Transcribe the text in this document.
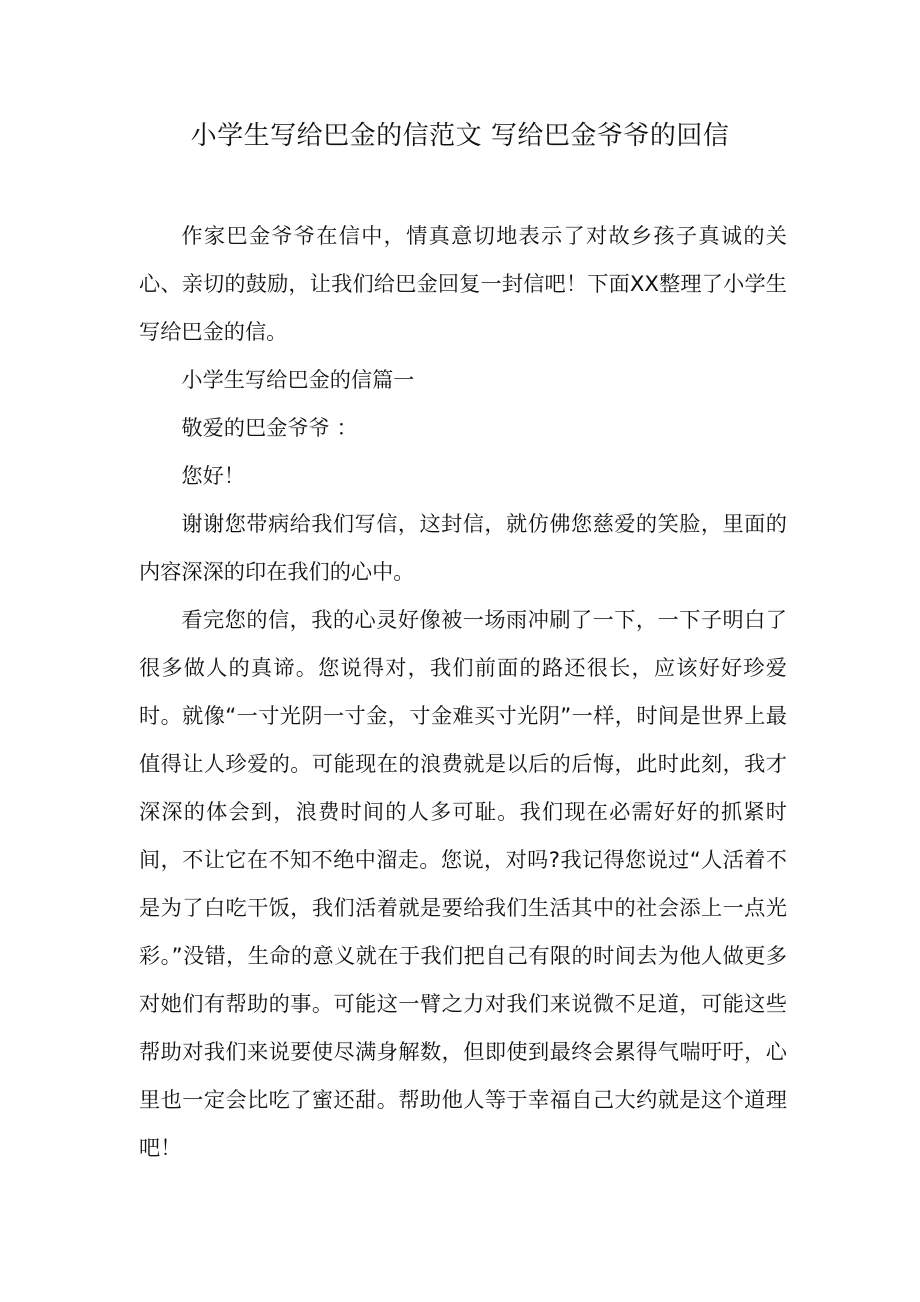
小学生写给巴金的信范文 写给巴金爷爷的回信

作家巴金爷爷在信中，情真意切地表示了对故乡孩子真诚的关心、亲切的鼓励，让我们给巴金回复一封信吧！下面XX整理了小学生写给巴金的信。

小学生写给巴金的信篇一

敬爱的巴金爷爷 ：

您好！

谢谢您带病给我们写信，这封信，就仿佛您慈爱的笑脸，里面的内容深深的印在我们的心中。

看完您的信，我的心灵好像被一场雨冲刷了一下，一下子明白了很多做人的真谛。您说得对，我们前面的路还很长，应该好好珍爱时。就像“一寸光阴一寸金，寸金难买寸光阴”一样，时间是世界上最值得让人珍爱的。可能现在的浪费就是以后的后悔，此时此刻，我才深深的体会到，浪费时间的人多可耻。我们现在必需好好的抓紧时间，不让它在不知不绝中溜走。您说，对吗?我记得您说过“人活着不是为了白吃干饭，我们活着就是要给我们生活其中的社会添上一点光彩。”没错，生命的意义就在于我们把自己有限的时间去为他人做更多对她们有帮助的事。可能这一臂之力对我们来说微不足道，可能这些帮助对我们来说要使尽满身解数，但即使到最终会累得气喘吁吁，心里也一定会比吃了蜜还甜。帮助他人等于幸福自己大约就是这个道理吧！
